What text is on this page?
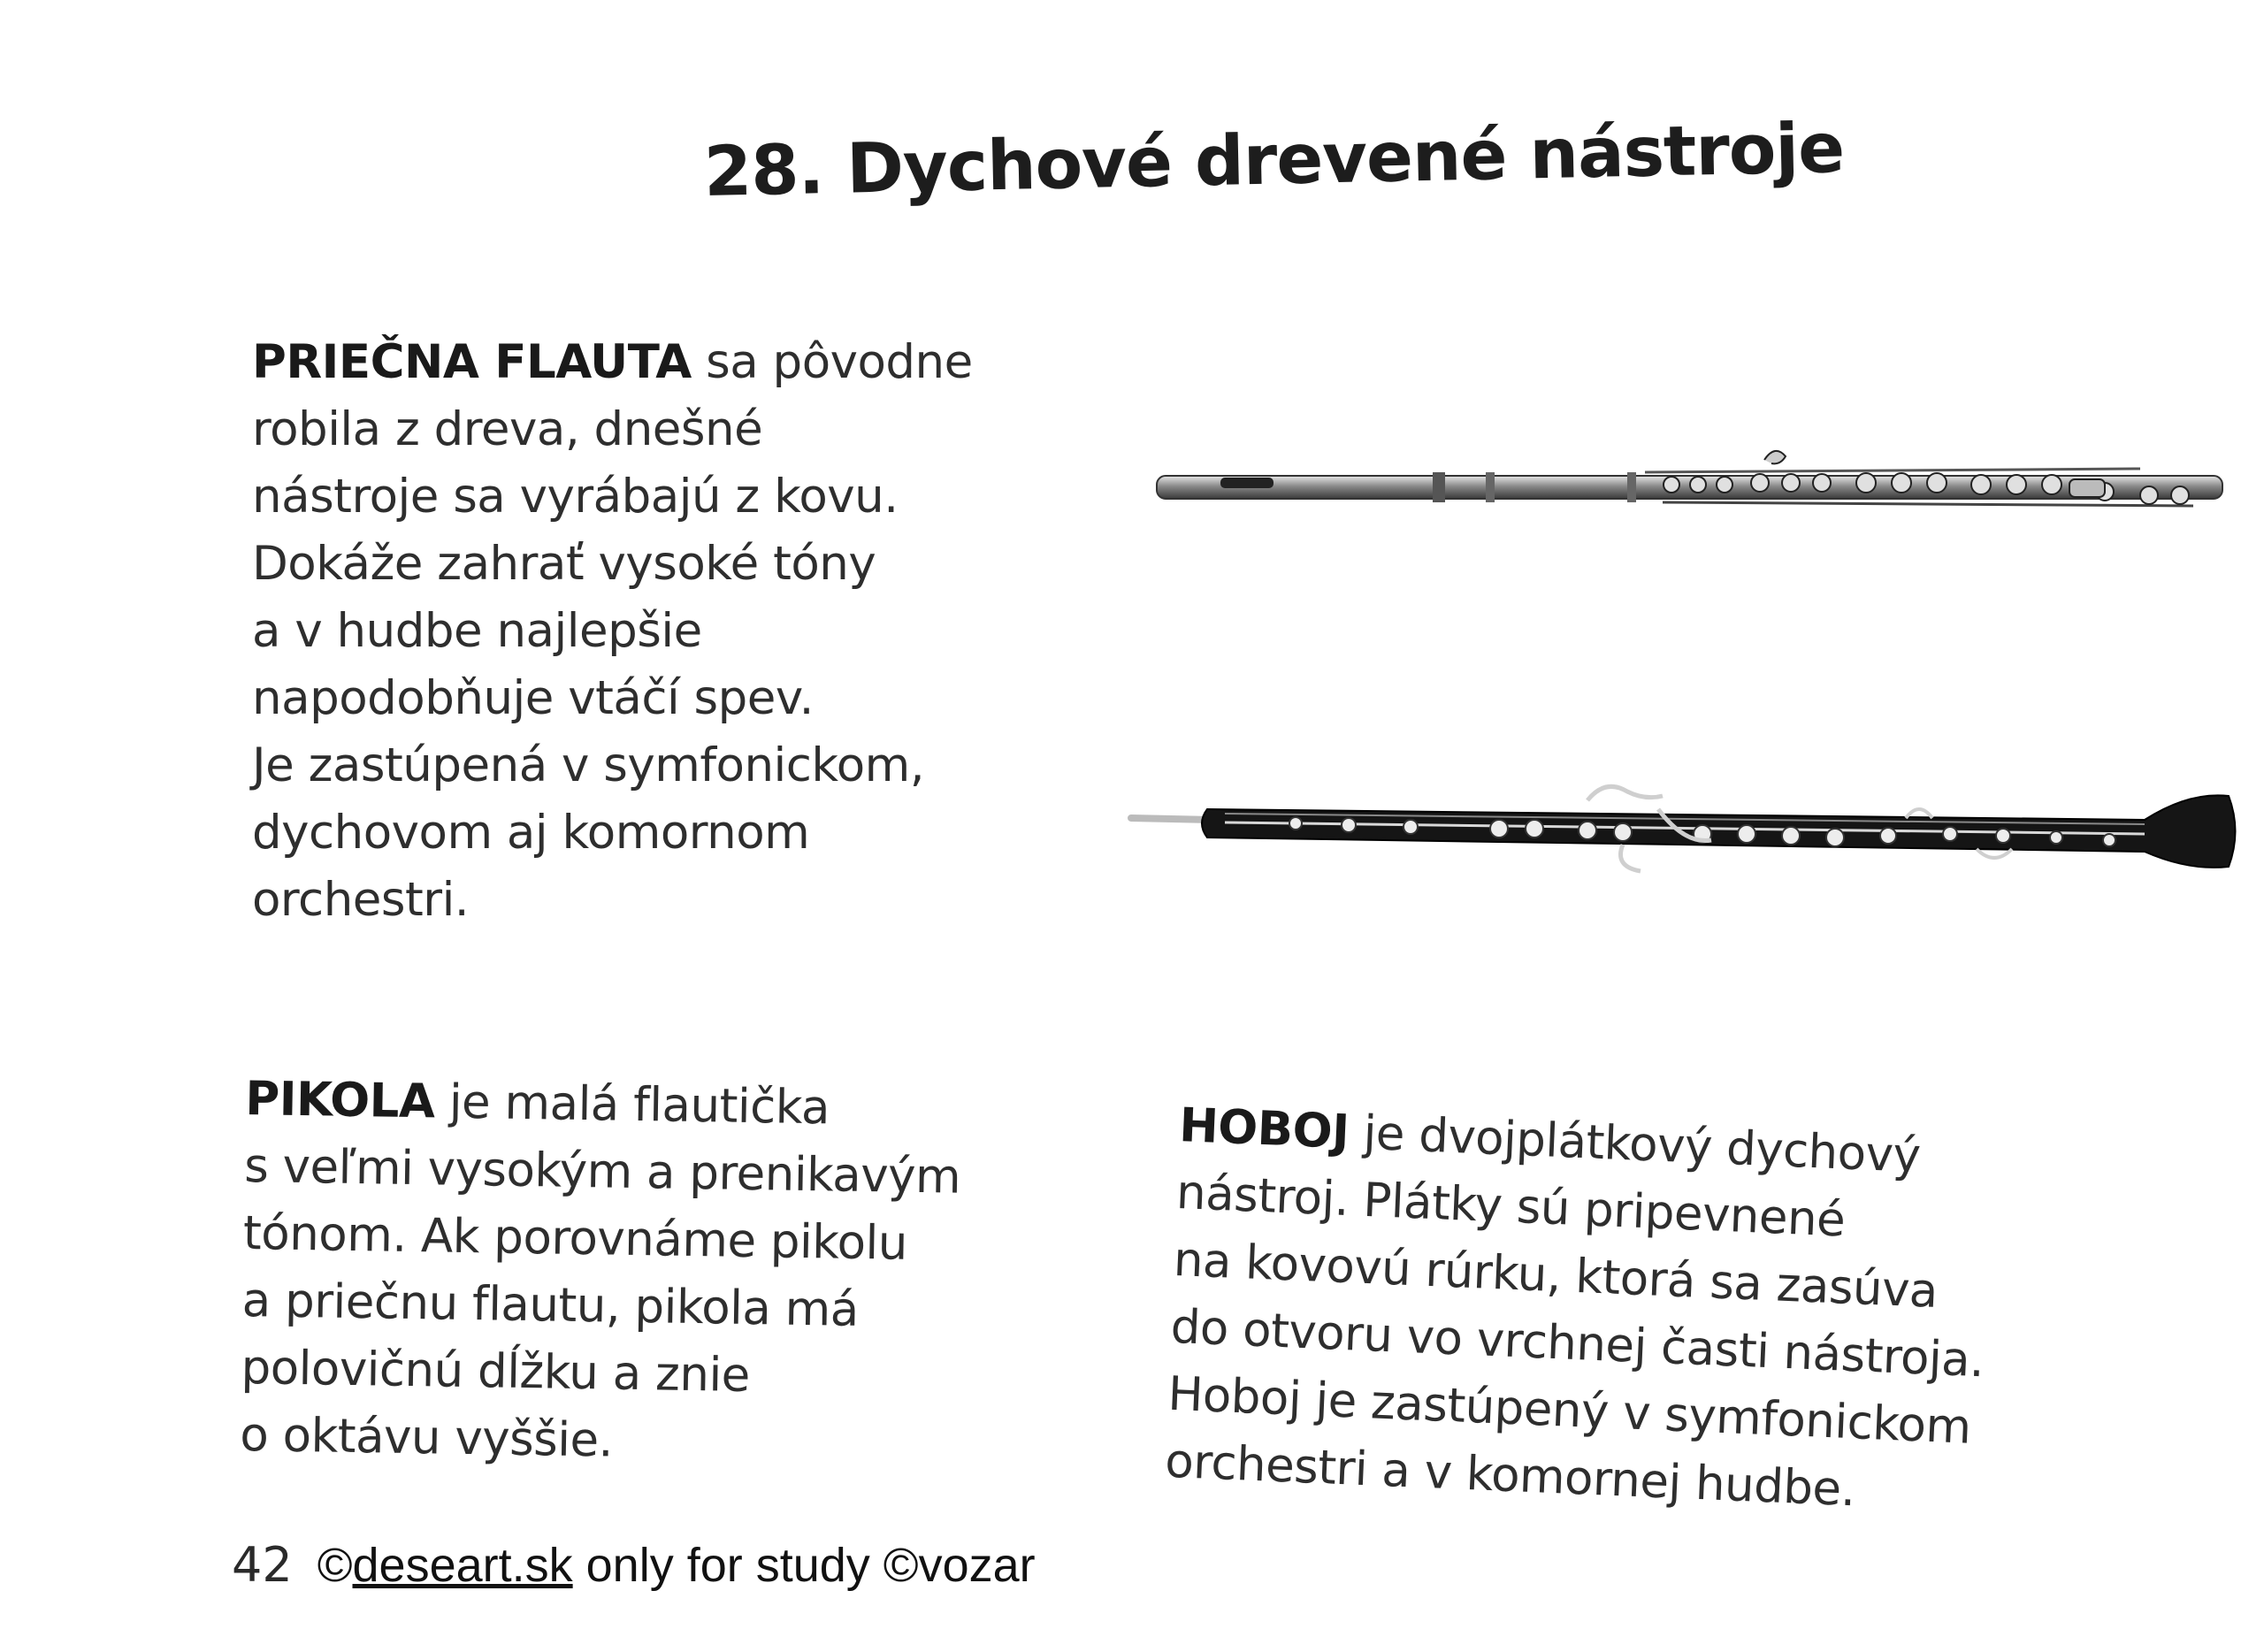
28. Dychové drevené nástroje
PRIEČNA FLAUTA sa pôvodne
robila z dreva, dnešné
nástroje sa vyrábajú z kovu.
Dokáže zahrať vysoké tóny
a v hudbe najlepšie
napodobňuje vtáčí spev.
Je zastúpená v symfonickom,
dychovom aj komornom
orchestri.
PIKOLA je malá flautička
s veľmi vysokým a prenikavým
tónom. Ak porovnáme pikolu
a priečnu flautu, pikola má
polovičnú dĺžku a znie
o oktávu vyššie.
HOBOJ je dvojplátkový dychový
nástroj. Plátky sú pripevnené
na kovovú rúrku, ktorá sa zasúva
do otvoru vo vrchnej časti nástroja.
Hoboj je zastúpený v symfonickom
orchestri a v komornej hudbe.
42 ©deseart.sk only for study ©vozar
